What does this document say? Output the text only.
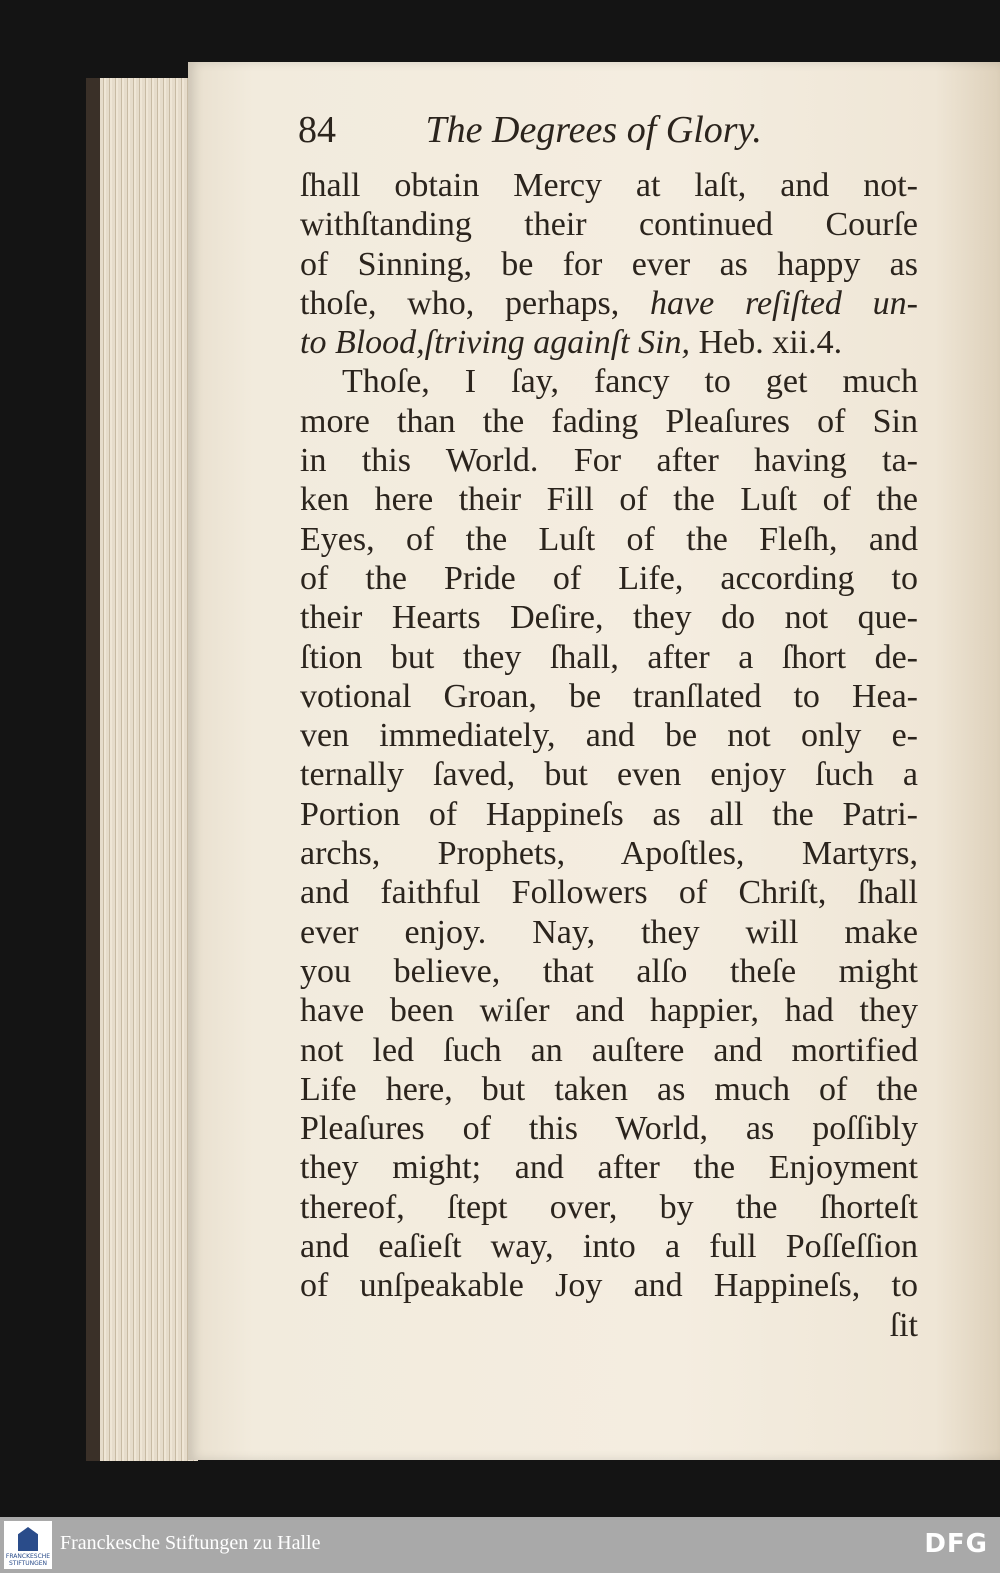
84 The Degrees of Glory.
ſhall obtain Mercy at laſt, and not-
withſtanding their continued Courſe
of Sinning, be for ever as happy as
thoſe, who, perhaps, have reſiſted un-
to Blood,ſtriving againſt Sin, Heb. xii.4.
Thoſe, I ſay, fancy to get much
more than the fading Pleaſures of Sin
in this World. For after having ta-
ken here their Fill of the Luſt of the
Eyes, of the Luſt of the Fleſh, and
of the Pride of Life, according to
their Hearts Deſire, they do not que-
ſtion but they ſhall, after a ſhort de-
votional Groan, be tranſlated to Hea-
ven immediately, and be not only e-
ternally ſaved, but even enjoy ſuch a
Portion of Happineſs as all the Patri-
archs, Prophets, Apoſtles, Martyrs,
and faithful Followers of Chriſt, ſhall
ever enjoy. Nay, they will make
you believe, that alſo theſe might
have been wiſer and happier, had they
not led ſuch an auſtere and mortified
Life here, but taken as much of the
Pleaſures of this World, as poſſibly
they might; and after the Enjoyment
thereof, ſtept over, by the ſhorteſt
and eaſieſt way, into a full Poſſeſſion
of unſpeakable Joy and Happineſs, to
ſit
FRANCKESCHE STIFTUNGEN
Franckesche Stiftungen zu Halle	DFG
